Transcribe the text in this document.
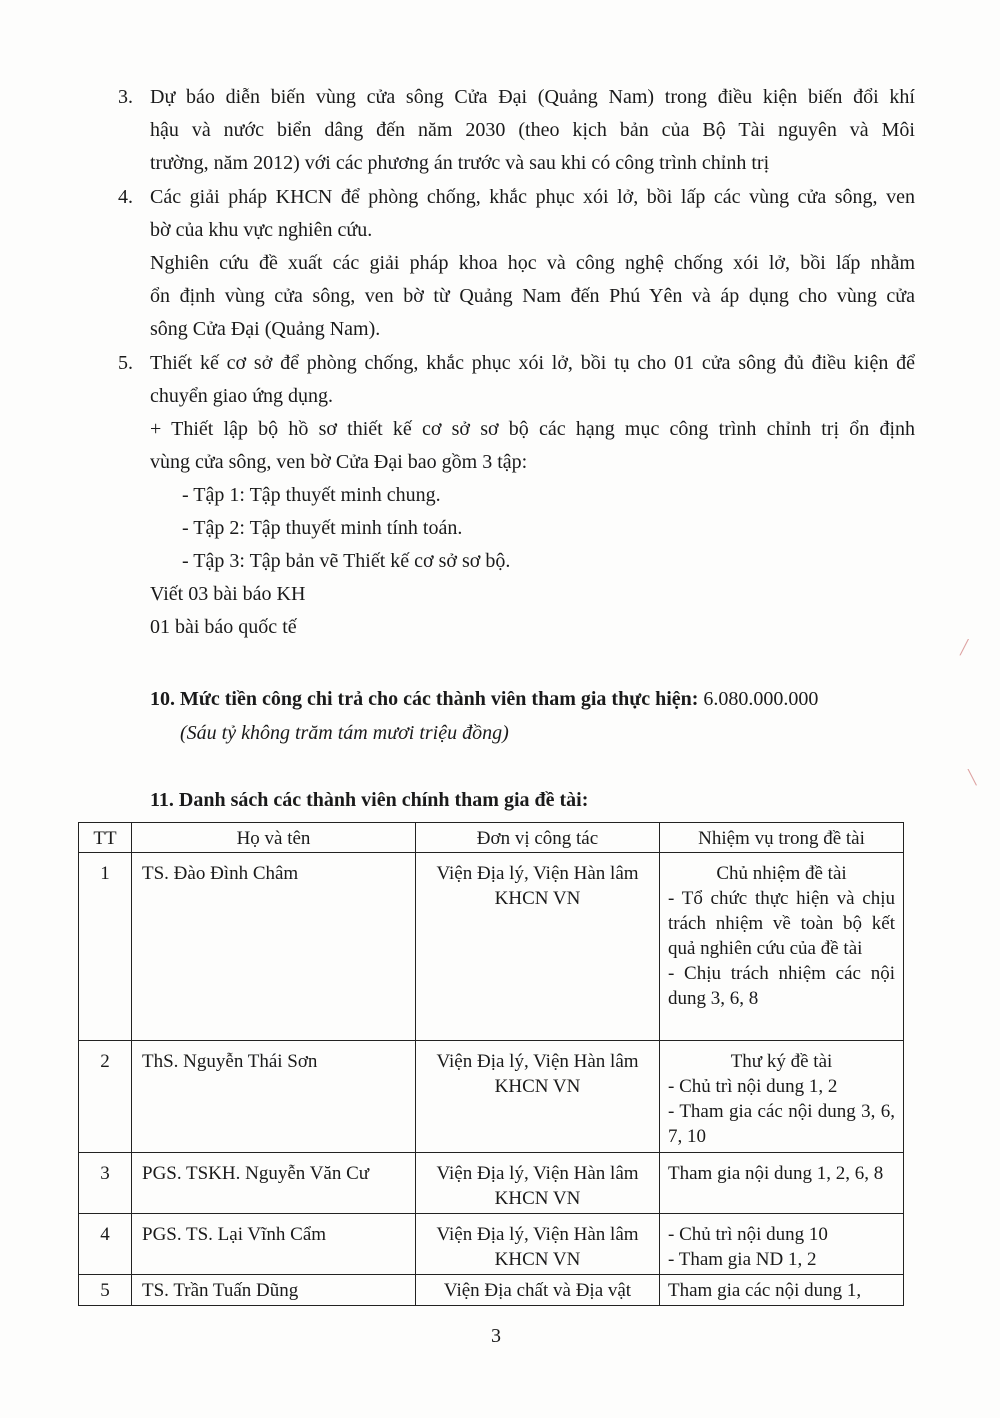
3. Dự báo diễn biến vùng cửa sông Cửa Đại (Quảng Nam) trong điều kiện biến đổi khí
hậu và nước biển dâng đến năm 2030 (theo kịch bản của Bộ Tài nguyên và Môi
trường, năm 2012) với các phương án trước và sau khi có công trình chỉnh trị
4. Các giải pháp KHCN để phòng chống, khắc phục xói lở, bồi lấp các vùng cửa sông, ven
bờ của khu vực nghiên cứu.
Nghiên cứu đề xuất các giải pháp khoa học và công nghệ chống xói lở, bồi lấp nhằm
ổn định vùng cửa sông, ven bờ từ Quảng Nam đến Phú Yên và áp dụng cho vùng cửa
sông Cửa Đại (Quảng Nam).
5. Thiết kế cơ sở để phòng chống, khắc phục xói lở, bồi tụ cho 01 cửa sông đủ điều kiện để
chuyển giao ứng dụng.
+ Thiết lập bộ hồ sơ thiết kế cơ sở sơ bộ các hạng mục công trình chỉnh trị ổn định
vùng cửa sông, ven bờ Cửa Đại bao gồm 3 tập:
- Tập 1: Tập thuyết minh chung.
- Tập 2: Tập thuyết minh tính toán.
- Tập 3: Tập bản vẽ Thiết kế cơ sở sơ bộ.
Viết 03 bài báo KH
01 bài báo quốc tế
10. Mức tiền công chi trả cho các thành viên tham gia thực hiện: 6.080.000.000
(Sáu tỷ không trăm tám mươi triệu đồng)
11. Danh sách các thành viên chính tham gia đề tài:
TT	Họ và tên	Đơn vị công tác	Nhiệm vụ trong đề tài
1	TS. Đào Đình Châm	Viện Địa lý, Viện Hàn lâm KHCN VN	Chủ nhiệm đề tài
- Tổ chức thực hiện và chịu trách nhiệm về toàn bộ kết quả nghiên cứu của đề tài
- Chịu trách nhiệm các nội dung 3, 6, 8

2	ThS. Nguyễn Thái Sơn	Viện Địa lý, Viện Hàn lâm KHCN VN	Thư ký đề tài
- Chủ trì nội dung 1, 2
- Tham gia các nội dung 3, 6, 7, 10

3	PGS. TSKH. Nguyễn Văn Cư	Viện Địa lý, Viện Hàn lâm KHCN VN	Tham gia nội dung 1, 2, 6, 8

4	PGS. TS. Lại Vĩnh Cẩm	Viện Địa lý, Viện Hàn lâm KHCN VN	- Chủ trì nội dung 10
- Tham gia ND 1, 2

5	TS. Trần Tuấn Dũng	Viện Địa chất và Địa vật	Tham gia các nội dung 1,
3
╱
╲
